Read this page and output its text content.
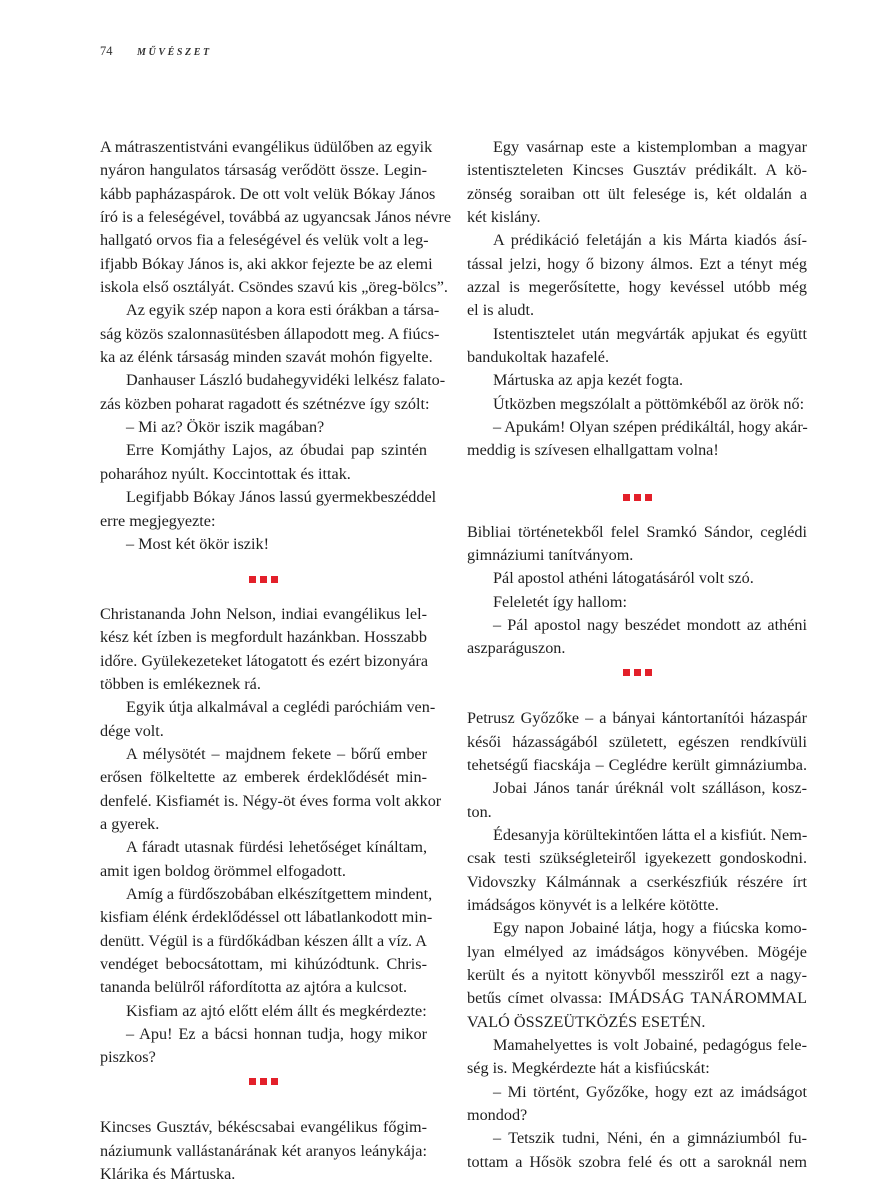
74 MŰVÉSZET
A mátraszentistváni evangélikus üdülőben az egyik
nyáron hangulatos társaság verődött össze. Legin-
kább papházaspárok. De ott volt velük Bókay János
író is a feleségével, továbbá az ugyancsak János névre
hallgató orvos fia a feleségével és velük volt a leg-
ifjabb Bókay János is, aki akkor fejezte be az elemi
iskola első osztályát. Csöndes szavú kis „öreg-bölcs”.
Az egyik szép napon a kora esti órákban a társa-
ság közös szalonnasütésben állapodott meg. A fiúcs-
ka az élénk társaság minden szavát mohón figyelte.
Danhauser László budahegyvidéki lelkész falato-
zás közben poharat ragadott és szétnézve így szólt:
– Mi az? Ökör iszik magában?
Erre Komjáthy Lajos, az óbudai pap szintén
poharához nyúlt. Koccintottak és ittak.
Legifjabb Bókay János lassú gyermekbeszéddel
erre megjegyezte:
– Most két ökör iszik!
Christananda John Nelson, indiai evangélikus lel-
kész két ízben is megfordult hazánkban. Hosszabb
időre. Gyülekezeteket látogatott és ezért bizonyára
többen is emlékeznek rá.
Egyik útja alkalmával a ceglédi paróchiám ven-
dége volt.
A mélysötét – majdnem fekete – bőrű ember
erősen fölkeltette az emberek érdeklődését min-
denfelé. Kisfiamét is. Négy-öt éves forma volt akkor
a gyerek.
A fáradt utasnak fürdési lehetőséget kínáltam,
amit igen boldog örömmel elfogadott.
Amíg a fürdőszobában elkészítgettem mindent,
kisfiam élénk érdeklődéssel ott lábatlankodott min-
denütt. Végül is a fürdőkádban készen állt a víz. A
vendéget bebocsátottam, mi kihúzódtunk. Chris-
tananda belülről ráfordította az ajtóra a kulcsot.
Kisfiam az ajtó előtt elém állt és megkérdezte:
– Apu! Ez a bácsi honnan tudja, hogy mikor
piszkos?
Kincses Gusztáv, békéscsabai evangélikus főgim-
náziumunk vallástanárának két aranyos leánykája:
Klárika és Mártuska.
Egy vasárnap este a kistemplomban a magyar
istentiszteleten Kincses Gusztáv prédikált. A kö-
zönség soraiban ott ült felesége is, két oldalán a
két kislány.
A prédikáció feletáján a kis Márta kiadós ásí-
tással jelzi, hogy ő bizony álmos. Ezt a tényt még
azzal is megerősítette, hogy kevéssel utóbb még
el is aludt.
Istentisztelet után megvárták apjukat és együtt
bandukoltak hazafelé.
Mártuska az apja kezét fogta.
Útközben megszólalt a pöttömkéből az örök nő:
– Apukám! Olyan szépen prédikáltál, hogy akár-
meddig is szívesen elhallgattam volna!
Bibliai történetekből felel Sramkó Sándor, ceglédi
gimnáziumi tanítványom.
Pál apostol athéni látogatásáról volt szó.
Feleletét így hallom:
– Pál apostol nagy beszédet mondott az athéni
aszparáguszon.
Petrusz Győzőke – a bányai kántortanítói házaspár
késői házasságából született, egészen rendkívüli
tehetségű fiacskája – Ceglédre került gimnáziumba.
Jobai János tanár úréknál volt szálláson, kosz-
ton.
Édesanyja körültekintően látta el a kisfiút. Nem-
csak testi szükségleteiről igyekezett gondoskodni.
Vidovszky Kálmánnak a cserkészfiúk részére írt
imádságos könyvét is a lelkére kötötte.
Egy napon Jobainé látja, hogy a fiúcska komo-
lyan elmélyed az imádságos könyvében. Mögéje
került és a nyitott könyvből messziről ezt a nagy-
betűs címet olvassa: IMÁDSÁG TANÁROMMAL
VALÓ ÖSSZEÜTKÖZÉS ESETÉN.
Mamahelyettes is volt Jobainé, pedagógus fele-
ség is. Megkérdezte hát a kisfiúcskát:
– Mi történt, Győzőke, hogy ezt az imádságot
mondod?
– Tetszik tudni, Néni, én a gimnáziumból fu-
tottam a Hősök szobra felé és ott a saroknál nem
